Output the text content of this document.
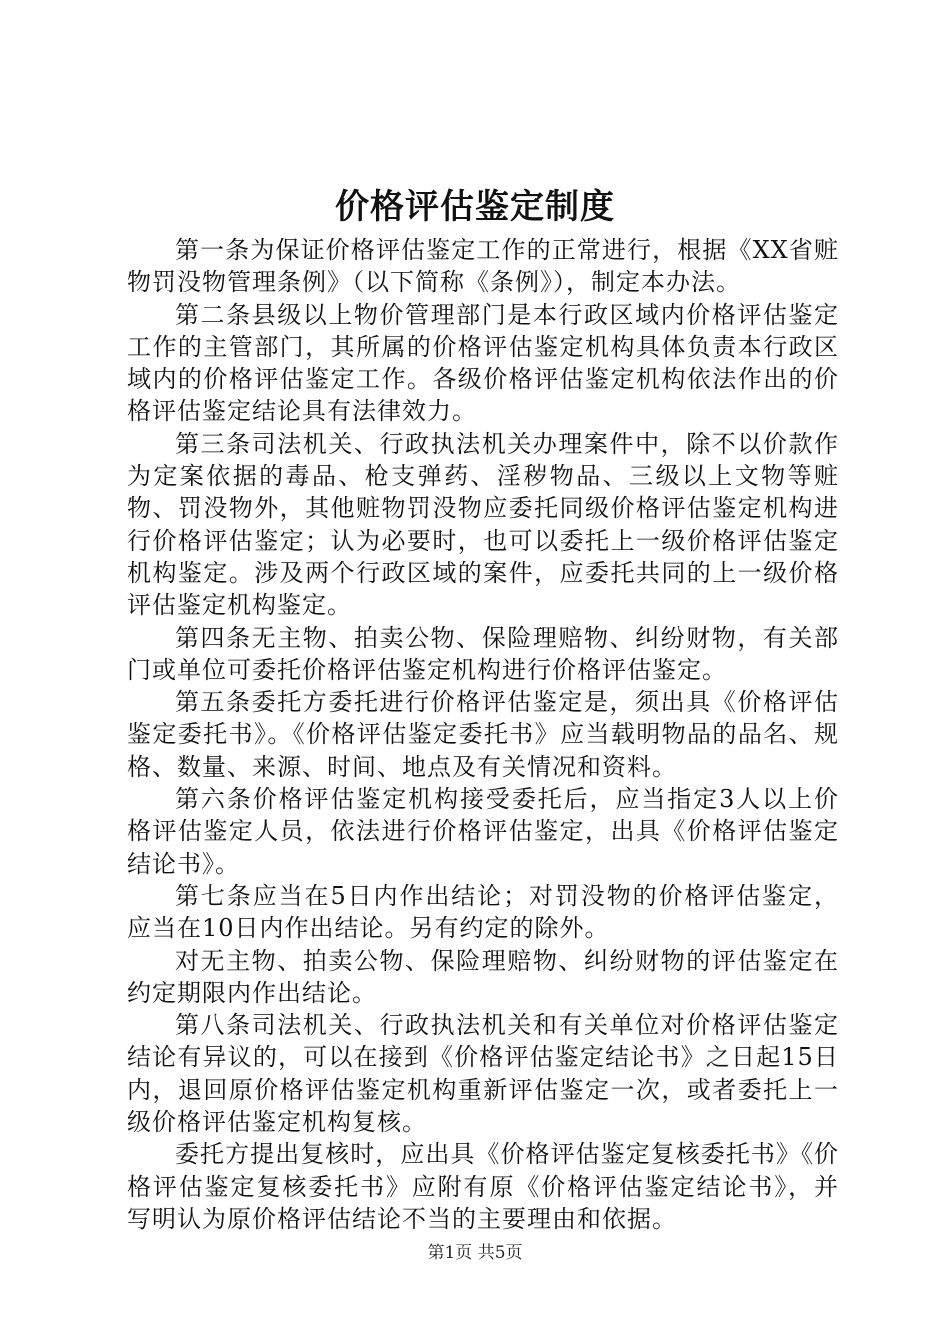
价格评估鉴定制度

第一条为保证价格评估鉴定工作的正常进行，根据《XX省赃物罚没物管理条例》（以下简称《条例》），制定本办法。

第二条县级以上物价管理部门是本行政区域内价格评估鉴定工作的主管部门，其所属的价格评估鉴定机构具体负责本行政区域内的价格评估鉴定工作。各级价格评估鉴定机构依法作出的价格评估鉴定结论具有法律效力。

第三条司法机关、行政执法机关办理案件中，除不以价款作为定案依据的毒品、枪支弹药、淫秽物品、三级以上文物等赃物、罚没物外，其他赃物罚没物应委托同级价格评估鉴定机构进行价格评估鉴定；认为必要时，也可以委托上一级价格评估鉴定机构鉴定。涉及两个行政区域的案件，应委托共同的上一级价格评估鉴定机构鉴定。

第四条无主物、拍卖公物、保险理赔物、纠纷财物，有关部门或单位可委托价格评估鉴定机构进行价格评估鉴定。

第五条委托方委托进行价格评估鉴定是，须出具《价格评估鉴定委托书》。《价格评估鉴定委托书》应当载明物品的品名、规格、数量、来源、时间、地点及有关情况和资料。

第六条价格评估鉴定机构接受委托后，应当指定3人以上价格评估鉴定人员，依法进行价格评估鉴定，出具《价格评估鉴定结论书》。

第七条应当在5日内作出结论；对罚没物的价格评估鉴定，应当在10日内作出结论。另有约定的除外。

对无主物、拍卖公物、保险理赔物、纠纷财物的评估鉴定在约定期限内作出结论。

第八条司法机关、行政执法机关和有关单位对价格评估鉴定结论有异议的，可以在接到《价格评估鉴定结论书》之日起15日内，退回原价格评估鉴定机构重新评估鉴定一次，或者委托上一级价格评估鉴定机构复核。

委托方提出复核时，应出具《价格评估鉴定复核委托书》《价格评估鉴定复核委托书》应附有原《价格评估鉴定结论书》，并写明认为原价格评估结论不当的主要理由和依据。

第1页 共5页
